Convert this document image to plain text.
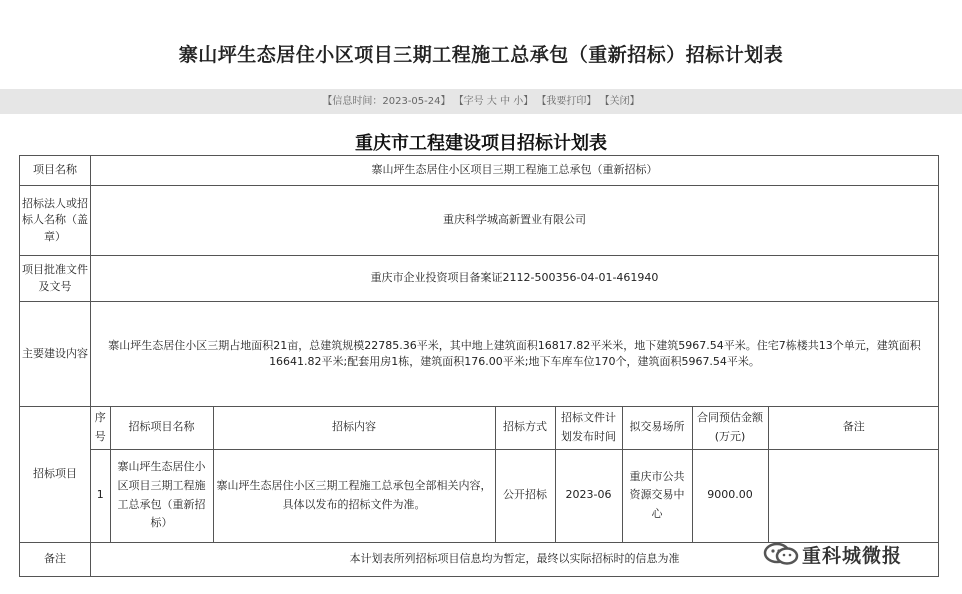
寨山坪生态居住小区项目三期工程施工总承包（重新招标）招标计划表
【信息时间：2023-05-24】 【字号 大 中 小】 【我要打印】 【关闭】
重庆市工程建设项目招标计划表
项目名称	寨山坪生态居住小区项目三期工程施工总承包（重新招标）
招标法人或招标人名称（盖章）	重庆科学城高新置业有限公司
项目批准文件及文号	重庆市企业投资项目备案证2112-500356-04-01-461940
主要建设内容	寨山坪生态居住小区三期占地面积21亩，总建筑规模22785.36平米，其中地上建筑面积16817.82平米米，地下建筑5967.54平米。住宅7栋楼共13个单元，建筑面积16641.82平米;配套用房1栋，建筑面积176.00平米;地下车库车位170个，建筑面积5967.54平米。
招标项目	
序号	招标项目名称	招标内容	招标方式	招标文件计划发布时间	拟交易场所	合同预估金额(万元)	备注
1	寨山坪生态居住小区项目三期工程施工总承包（重新招标）	寨山坪生态居住小区三期工程施工总承包全部相关内容，具体以发布的招标文件为准。	公开招标	2023-06	重庆市公共资源交易中心	9000.00	

备注	本计划表所列招标项目信息均为暂定，最终以实际招标时的信息为准	重科城微报
